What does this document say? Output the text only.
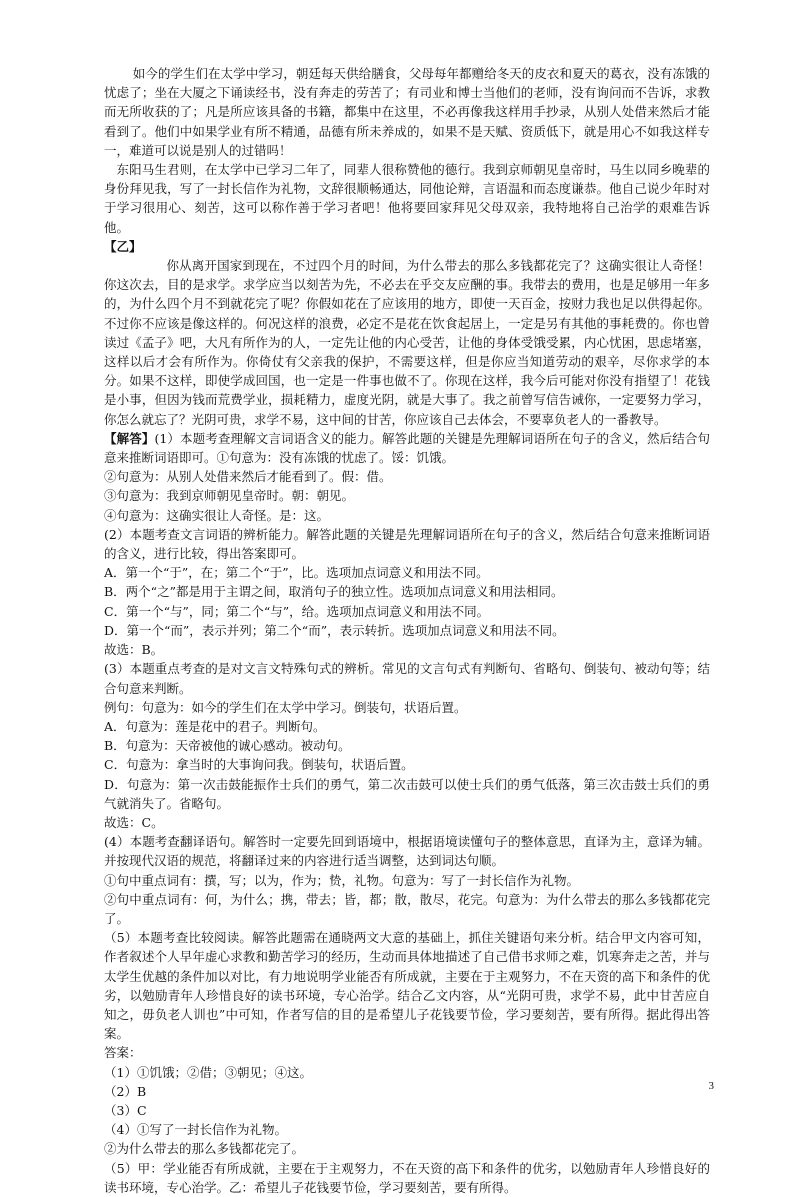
如今的学生们在太学中学习，朝廷每天供给膳食，父母每年都赠给冬天的皮衣和夏天的葛衣，没有冻饿的忧虑了；坐在大厦之下诵读经书，没有奔走的劳苦了；有司业和博士当他们的老师，没有询问而不告诉，求教而无所收获的了；凡是所应该具备的书籍，都集中在这里，不必再像我这样用手抄录，从别人处借来然后才能看到了。他们中如果学业有所不精通，品德有所未养成的，如果不是天赋、资质低下，就是用心不如我这样专一，难道可以说是别人的过错吗！

东阳马生君则，在太学中已学习二年了，同辈人很称赞他的德行。我到京师朝见皇帝时，马生以同乡晚辈的身份拜见我，写了一封长信作为礼物，文辞很顺畅通达，同他论辩，言语温和而态度谦恭。他自己说少年时对于学习很用心、刻苦，这可以称作善于学习者吧！他将要回家拜见父母双亲，我特地将自己治学的艰难告诉他。

【乙】

你从离开国家到现在，不过四个月的时间，为什么带去的那么多钱都花完了？这确实很让人奇怪！你这次去，目的是求学。求学应当以刻苦为先，不必去在乎交友应酬的事。我带去的费用，也是足够用一年多的，为什么四个月不到就花完了呢？你假如花在了应该用的地方，即使一天百金，按财力我也足以供得起你。不过你不应该是像这样的。何况这样的浪费，必定不是花在饮食起居上，一定是另有其他的事耗费的。你也曾读过《孟子》吧，大凡有所作为的人，一定先让他的内心受苦，让他的身体受饿受累，内心忧困，思虑堵塞，这样以后才会有所作为。你倚仗有父亲我的保护，不需要这样，但是你应当知道劳动的艰辛，尽你求学的本分。如果不这样，即使学成回国，也一定是一件事也做不了。你现在这样，我今后可能对你没有指望了！花钱是小事，但因为钱而荒费学业，损耗精力，虚度光阴，就是大事了。我之前曾写信告诫你，一定要努力学习，你怎么就忘了？光阴可贵，求学不易，这中间的甘苦，你应该自己去体会，不要辜负老人的一番教导。

【解答】(1）本题考查理解文言词语含义的能力。解答此题的关键是先理解词语所在句子的含义，然后结合句意来推断词语即可。①句意为：没有冻饿的忧虑了。馁：饥饿。

②句意为：从别人处借来然后才能看到了。假：借。

③句意为：我到京师朝见皇帝时。朝：朝见。

④句意为：这确实很让人奇怪。是：这。

(2）本题考查文言词语的辨析能力。解答此题的关键是先理解词语所在句子的含义，然后结合句意来推断词语的含义，进行比较，得出答案即可。

A．第一个“于”，在；第二个“于”，比。选项加点词意义和用法不同。

B．两个“之”都是用于主谓之间，取消句子的独立性。选项加点词意义和用法相同。

C．第一个“与”，同；第二个“与”，给。选项加点词意义和用法不同。

D．第一个“而”，表示并列；第二个“而”，表示转折。选项加点词意义和用法不同。

故选：B。

(3）本题重点考查的是对文言文特殊句式的辨析。常见的文言句式有判断句、省略句、倒装句、被动句等；结合句意来判断。

例句：句意为：如今的学生们在太学中学习。倒装句，状语后置。

A．句意为：莲是花中的君子。判断句。

B．句意为：天帝被他的诚心感动。被动句。

C．句意为：拿当时的大事询问我。倒装句，状语后置。

D．句意为：第一次击鼓能振作士兵们的勇气，第二次击鼓可以使士兵们的勇气低落，第三次击鼓士兵们的勇气就消失了。省略句。

故选：C。

(4）本题考查翻译语句。解答时一定要先回到语境中，根据语境读懂句子的整体意思，直译为主，意译为辅。并按现代汉语的规范，将翻译过来的内容进行适当调整，达到词达句顺。

①句中重点词有：撰，写；以为，作为；贽，礼物。句意为：写了一封长信作为礼物。

②句中重点词有：何，为什么；携，带去；皆，都；散，散尽，花完。句意为：为什么带去的那么多钱都花完了。

（5）本题考查比较阅读。解答此题需在通晓两文大意的基础上，抓住关键语句来分析。结合甲文内容可知，作者叙述个人早年虚心求教和勤苦学习的经历，生动而具体地描述了自己借书求师之难，饥寒奔走之苦，并与太学生优越的条件加以对比，有力地说明学业能否有所成就，主要在于主观努力，不在天资的高下和条件的优劣，以勉励青年人珍惜良好的读书环境，专心治学。结合乙文内容，从“光阴可贵，求学不易，此中甘苦应自知之，毋负老人训也”中可知，作者写信的目的是希望儿子花钱要节俭，学习要刻苦，要有所得。据此得出答案。

答案：

（1）①饥饿；②借；③朝见；④这。

（2）B

（3）C

（4）①写了一封长信作为礼物。

②为什么带去的那么多钱都花完了。

（5）甲：学业能否有所成就，主要在于主观努力，不在天资的高下和条件的优劣，以勉励青年人珍惜良好的读书环境，专心治学。乙：希望儿子花钱要节俭，学习要刻苦，要有所得。

3
